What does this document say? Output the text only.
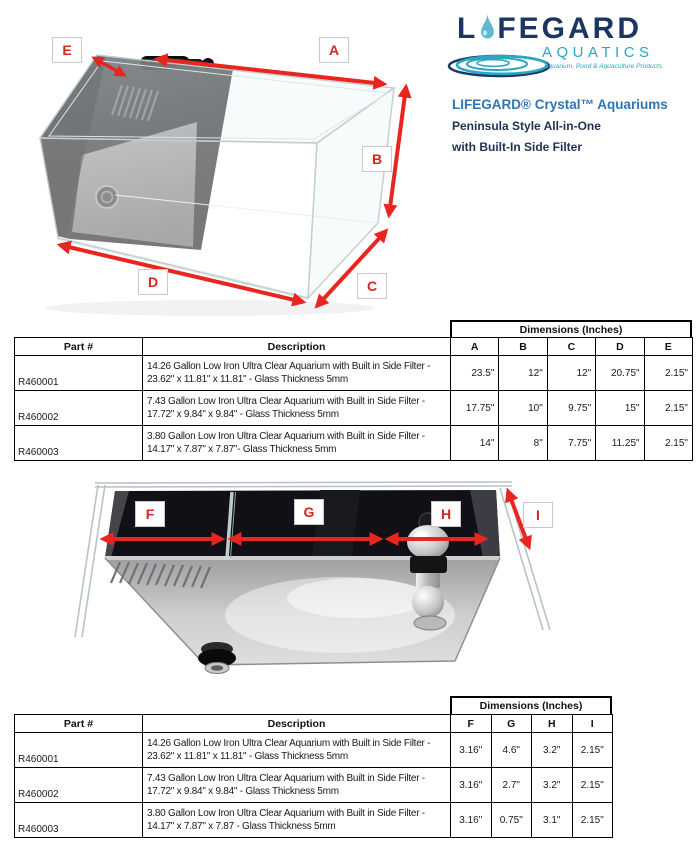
L FEGARD
AQUATICS
Aquarium, Pond & Aquaculture Products
LIFEGARD® Crystal™ Aquariums
Peninsula Style All-in-One
with Built-In Side Filter
A
B
C
D
E
Dimensions (Inches)
Part #	Description	A	B	C	D	E
R460001	14.26 Gallon Low Iron Ultra Clear Aquarium with Built in Side Filter - 23.62" x 11.81" x 11.81" - Glass Thickness 5mm	23.5"	12"	12"	20.75"	2.15"
R460002	7.43 Gallon Low Iron Ultra Clear Aquarium with Built in Side Filter - 17.72" x 9.84" x 9.84" - Glass Thickness 5mm	17.75"	10"	9.75"	15"	2.15"
R460003	3.80 Gallon Low Iron Ultra Clear Aquarium with Built in Side Filter - 14.17" x 7.87" x 7.87"- Glass Thickness 5mm	14"	8"	7.75"	11.25"	2.15"
F	G	H	I
Dimensions (Inches)
Part #	Description	F	G	H	I
R460001	14.26 Gallon Low Iron Ultra Clear Aquarium with Built in Side Filter - 23.62" x 11.81" x 11.81" - Glass Thickness 5mm	3.16"	4.6"	3.2"	2.15"
R460002	7.43 Gallon Low Iron Ultra Clear Aquarium with Built in Side Filter - 17.72" x 9.84" x 9.84" - Glass Thickness 5mm	3.16"	2.7"	3.2"	2.15"
R460003	3.80 Gallon Low Iron Ultra Clear Aquarium with Built in Side Filter - 14.17" x 7.87" x 7.87 - Glass Thickness 5mm	3.16"	0.75"	3.1"	2.15"
